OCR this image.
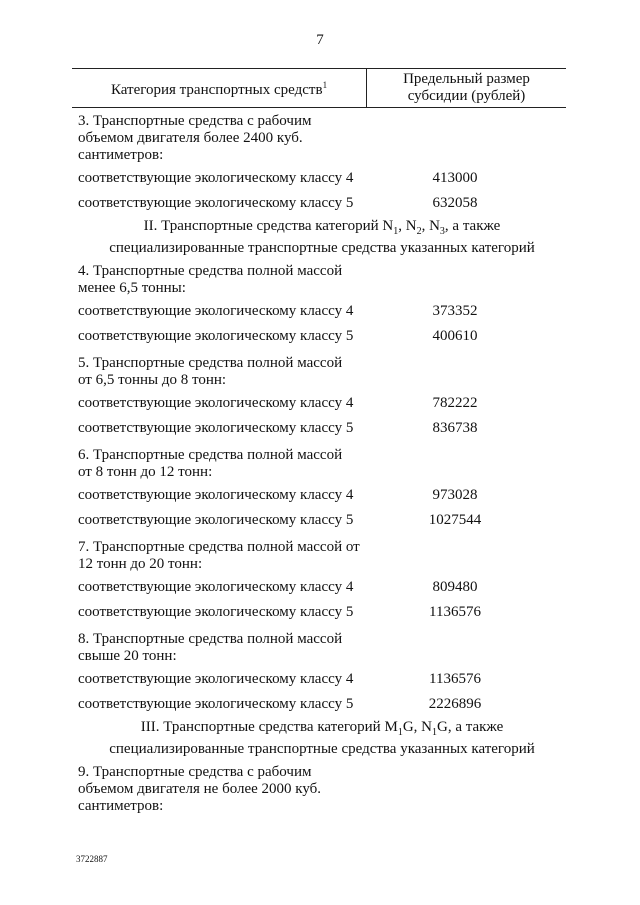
7
Категория транспортных средств$^1$	Предельный размер
субсидии (рублей)
3. Транспортные средства с рабочим
объемом двигателя более 2400 куб.
сантиметров:
соответствующие экологическому классу 4	413000
соответствующие экологическому классу 5	632058
II. Транспортные средства категорий $N_1$, $N_2$, $N_3$, а также
специализированные транспортные средства указанных категорий
4. Транспортные средства полной массой
менее 6,5 тонны:
соответствующие экологическому классу 4	373352
соответствующие экологическому классу 5	400610
5. Транспортные средства полной массой
от 6,5 тонны до 8 тонн:
соответствующие экологическому классу 4	782222
соответствующие экологическому классу 5	836738
6. Транспортные средства полной массой
от 8 тонн до 12 тонн:
соответствующие экологическому классу 4	973028
соответствующие экологическому классу 5	1027544
7. Транспортные средства полной массой от
12 тонн до 20 тонн:
соответствующие экологическому классу 4	809480
соответствующие экологическому классу 5	1136576
8. Транспортные средства полной массой
свыше 20 тонн:
соответствующие экологическому классу 4	1136576
соответствующие экологическому классу 5	2226896
III. Транспортные средства категорий $M_1G$, $N_1G$, а также
специализированные транспортные средства указанных категорий
9. Транспортные средства с рабочим
объемом двигателя не более 2000 куб.
сантиметров:
3722887
